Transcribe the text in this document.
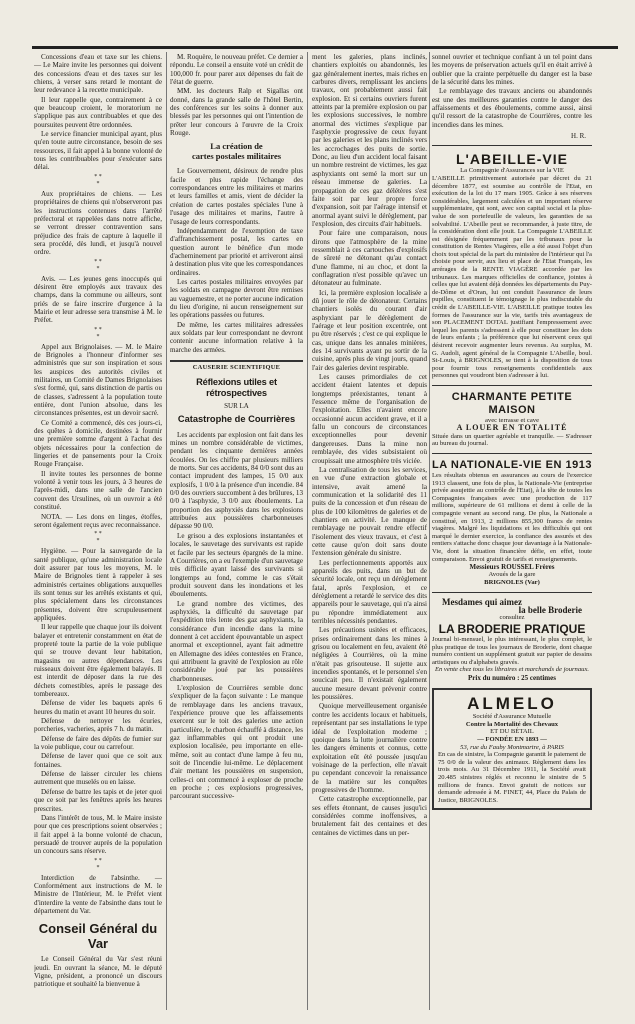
Concessions d'eau et taxe sur les chiens. — Le Maire invite les personnes qui doivent des concessions d'eau et des taxes sur les chiens, à verser sans retard le montant de leur redevance à la recette municipale.

Il leur rappelle que, contrairement à ce que beaucoup croient, le moratorium ne s'applique pas aux contribuables et que des poursuites peuvent être ordonnées.

Le service financier municipal ayant, plus qu'en toute autre circonstance, besoin de ses ressources, il fait appel à la bonne volonté de tous les contribuables pour s'exécuter sans délai.

* *
*

Aux propriétaires de chiens. — Les propriétaires de chiens qui n'observeront pas les instructions contenues dans l'arrêté préfectoral et rappelées dans notre affiche, se verront dresser contravention sans préjudice des frais de capture à laquelle il sera procédé, dès lundi, et jusqu'à nouvel ordre.

* *
*

Avis. — Les jeunes gens inoccupés qui désirent être employés aux travaux des champs, dans la commune ou ailleurs, sont priés de se faire inscrire d'urgence à la Mairie et leur adresse sera transmise à M. le Préfet.

* *
*

Appel aux Brignolaises. — M. le Maire de Brignoles a l'honneur d'informer ses administrés que sur son inspiration et sous les auspices des autorités civiles et militaires, un Comité de Dames Brignolaises s'est formé, qui, sans distinction de partis ou de classes, s'adressent à la population toute entière, dont l'union absolue, dans les circonstances présentes, est un devoir sacré.

Ce Comité a commencé, dès ces jours-ci, des quêtes à domicile, destinées à fournir une première somme d'argent à l'achat des objets nécessaires pour la confection de lingeries et de pansements pour la Croix Rouge Française.

Il invite toutes les personnes de bonne volonté à venir tous les jours, à 3 heures de l'après-midi, dans une salle de l'ancien couvent des Ursulines, où un ouvroir a été constitué.

NOTA. — Les dons en linges, étoffes, seront également reçus avec reconnaissance.

* *
*

Hygiène. — Pour la sauvegarde de la santé publique, qu'une administration locale doit assurer par tous les moyens, M. le Maire de Brignoles tient à rappeler à ses administrés certaines obligations auxquelles ils sont tenus sur les arrêtés existants et qui, plus spécialement dans les circonstances présentes, doivent être scrupuleusement appliquées.

Il leur rappelle que chaque jour ils doivent balayer et entretenir constamment en état de propreté toute la partie de la voie publique qui se trouve devant leur habitation, magasins ou autres dépendances. Les ruisseaux doivent être également balayés. Il est interdit de déposer dans la rue des déchets comestibles, après le passage des tombereaux.

Défense de vider les baquets après 6 heures du matin et avant 10 heures du soir.

Défense de nettoyer les écuries, porcheries, vacheries, après 7 h. du matin.

Défense de faire des dépôts de fumier sur la voie publique, cour ou carrefour.

Défense de laver quoi que ce soit aux fontaines.

Défense de laisser circuler les chiens autrement que muselés ou en laisse.

Défense de battre les tapis et de jeter quoi que ce soit par les fenêtres après les heures prescrites.

Dans l'intérêt de tous, M. le Maire insiste pour que ces prescriptions soient observées ; il fait appel à la bonne volonté de chacun, persuadé de trouver auprès de la population un concours sans réserve.

* *
*

Interdiction de l'absinthe. — Conformément aux instructions de M. le Ministre de l'Intérieur, M. le Préfet vient d'interdire la vente de l'absinthe dans tout le département du Var.

Conseil Général du Var

Le Conseil Général du Var s'est réuni jeudi. En ouvrant la séance, M. le député Vigne, président, a prononcé un discours patriotique et souhaité la bienvenue à

M. Roquère, le nouveau préfet. Ce dernier a répondu. Le conseil a ensuite voté un crédit de 100,000 fr. pour parer aux dépenses du fait de l'état de guerre.

MM. les docteurs Ralp et Sigallas ont donné, dans la grande salle de l'hôtel Bertin, des conférences sur les soins à donner aux blessés par les personnes qui ont l'intention de prêter leur concours à l'œuvre de la Croix Rouge.

La création de
cartes postales militaires

Le Gouvernement, désireux de rendre plus facile et plus rapide l'échange des correspondances entre les militaires et marins et leurs familles et amis, vient de décider la création de cartes postales spéciales l'une à l'usage des militaires et marins, l'autre à l'usage de leurs correspondants.

Indépendamment de l'exemption de taxe d'affranchissement postal, les cartes en question auront le bénéfice d'un mode d'acheminement par priorité et arriveront ainsi à destination plus vite que les correspondances ordinaires.

Les cartes postales militaires envoyées par les soldats en campagne devront être remises au vaguemestre, et ne porter aucune indication du lieu d'origine, ni aucun renseignement sur les opérations passées ou futures.

De même, les cartes militaires adressées aux soldats par leur correspondant ne devront contenir aucune information relative à la marche des armées.

CAUSERIE SCIENTIFIQUE
Réflexions utiles et rétrospectives
SUR LA
Catastrophe de Courrières

Les accidents par explosion ont fait dans les mines un nombre considérable de victimes, pendant les cinquante dernières années écoulées. On les chiffre par plusieurs milliers de morts. Sur ces accidents, 84 0/0 sont dus au contact imprudent des lampes, 15 0/0 aux explosifs, 1 0/0 à la présence d'un incendie. 84 0/0 des ouvriers succombent à des brûlures, 13 0/0 à l'asphyxie, 3 0/0 aux éboulements. La proportion des asphyxiés dans les explosions attribuées aux poussières charbonneuses dépasse 90 0/0.

Le grisou a des explosions instantanées et locales, le sauvetage des survivants est rapide et facile par les secteurs épargnés de la mine. A Courrières, on a eu l'exemple d'un sauvetage très difficile ayant laissé des survivants si longtemps au fond, comme le cas s'était produit souvent dans les inondations et les éboulements.

Le grand nombre des victimes, des asphyxiés, la difficulté du sauvetage par l'expédition très lente des gaz asphyxiants, la considérance d'un incendie dans la mine donnent à cet accident épouvantable un aspect anormal et exceptionnel, ayant fait admettre en Allemagne des idées contestées en France, qui attribuent la gravité de l'explosion au rôle considérable joué par les poussières charbonneuses.

L'explosion de Courrières semble donc s'expliquer de la façon suivante : Le manque de remblayage dans les anciens travaux, l'expérience prouve que les affaissements exercent sur le toit des galeries une action particulière, le charbon échauffé à distance, les gaz inflammables qui ont produit une explosion localisée, peu importante en elle-même, soit au contact d'une lampe à feu nu, soit de l'incendie lui-même. Le déplacement d'air mettant les poussières en suspension, celles-ci ont commencé à exploser de proche en proche ; ces explosions progressives, parcourant successive-

ment les galeries, plans inclinés, chantiers exploités ou abandonnés, les gaz généralement inertes, mais riches en carbures divers, remplissant les anciens travaux, ont probablement aussi fait explosion. Et si certains ouvriers furent atteints par la première explosion ou par les explosions successives, le nombre anormal des victimes s'explique par l'asphyxie progressive de ceux fuyant par les galeries et les plans inclinés vers les accrochages des puits de sortie. Donc, au lieu d'un accident local faisant un nombre restreint de victimes, les gaz asphyxiants ont semé la mort sur un réseau immense de galeries. La propagation de ces gaz délétères s'est faite soit par leur propre force d'expansion, soit par l'aérage intensif et anormal ayant suivi le dérèglement, par l'explosion, des circuits d'air habituels.

Pour faire une comparaison, nous dirons que l'atmosphère de la mine ressemblait à ces cartouches d'explosifs de sûreté ne détonant qu'au contact d'une flamme, ni au choc, et dont la conflagration n'est possible qu'avec un détonateur au fulminate.

Ici, la première explosion localisée a dû jouer le rôle de détonateur. Certains chantiers isolés du courant d'air asphyxiant par le dérèglement de l'aérage et leur position excentrée, ont pu être réservés ; c'est ce qui explique le cas, unique dans les annales minières, des 14 survivants ayant pu sortir de la cuisine, après plus de vingt jours, quand l'air des galeries devint respirable.

Les causes primordiales de cet accident étaient latentes et depuis longtemps préexistantes, tenant à l'essence même de l'organisation de l'exploitation. Elles n'avaient encore occasionné aucun accident grave, et il a fallu un concours de circonstances exceptionnelles pour devenir dangereuses. Dans la mine non remblayée, des vides subsistaient où croupissait une atmosphère très viciée.

La centralisation de tous les services, en vue d'une extraction globale et intensive, avait amené la communication et la solidarité des 11 puits de la concession et d'un réseau de plus de 100 kilomètres de galeries et de chantiers en activité. Le manque de remblayage ne pouvait rendre effectif l'isolement des vieux travaux, et c'est à cette cause qu'on doit sans doute l'extension générale du sinistre.

Les perfectionnements apportés aux appareils des puits, dans un but de sécurité locale, ont reçu un dérèglement fatal, après l'explosion, et ce dérèglement a retardé le service des dits appareils pour le sauvetage, qui n'a ainsi pu répondre immédiatement aux terribles nécessités pendantes.

Les précautions usitées et efficaces, prises ordinairement dans les mines à grisou ou localement en feu, avaient été négligées à Courrières, où la mine n'était pas grisouteuse. Il sujette aux incendies spontanés, et le personnel s'en soucicait peu. Il n'existait également aucune mesure devant prévenir contre les poussières.

Quoique merveilleusement organisée contre les accidents locaux et habituels, représentant par ses installations le type idéal de l'exploitation moderne ; quoique dans la lutte journalière contre les dangers éminents et connus, cette exploitation eût été poussée jusqu'au voisinage de la perfection, elle n'avait pu cependant concevoir la renaissance de la matière sur les conquêtes progressives de l'homme.

Cette catastrophe exceptionnelle, par ses effets étonnant, de causes jusqu'ici considérées comme inoffensives, a brutalement fait des centaines et des centaines de victimes dans un per-

sonnel ouvrier et technique confiant à un tel point dans les moyens de préservation actuels qu'il en était arrivé à oublier que la crainte perpétuelle du danger est la base de la sécurité dans les mines.

Le remblayage des travaux anciens ou abandonnés est une des meilleures garanties contre le danger des affaissements et des éboulements, comme aussi, ainsi qu'il ressort de la catastrophe de Courrières, contre les incendies dans les mines.

H. R.
L'ABEILLE-VIE
La Compagnie d'Assurances sur la VIE
L'ABEILLE primitivement autorisée par décret du 21 décembre 1877, est soumise au contrôle de l'Etat, en exécution de la loi du 17 mars 1905. Grâce à ses réserves considérables, largement calculées et un important réserve supplémentaire, qui sont, avec son capital social et la plus-value de son portefeuille de valeurs, les garanties de sa solvabilité. L'Abeille peut se recommander, à juste titre, de la considération dont elle jouit. La Compagnie L'ABEILLE est désignée fréquemment par les tribunaux pour la constitution de Rentes Viagères, elle a été aussi l'objet d'un choix tout spécial de la part du ministère de l'intérieur qui l'a choisie pour servir, aux lieu et place de l'Etat Français, les arrérages de la RENTE VIAGÈRE accordée par les tribunaux. Les marques officielles de confiance, jointes à celles que lui avaient déjà données les départements du Puy-de-Dôme et d'Oran, lui ont conduit l'assurance de leurs pupilles, constituent le témoignage le plus indiscutable du crédit de L'ABEILLE-VIE. L'ABEILLE pratique toutes les formes de l'assurance sur la vie, tarifs très avantageux de son PLACEMENT DOTAL justifiant l'empressement avec lequel les parents s'adressent à elle pour constituer les dots de leurs enfants ; la préférence que lui réservent ceux qui désirent recevoir augmenter leurs revenus. Au surplus, M. G. Audoli, agent général de la Compagnie L'Abeille, boul. St-Louis, à BRIGNOLES, se tient à la disposition de tous pour fournir tous renseignements confidentiels aux personnes qui voudront bien s'adresser à lui.
CHARMANTE PETITE MAISON
avec terrasse et cave
A LOUER EN TOTALITÉ
Située dans un quartier agréable et tranquille. — S'adresser au bureau du journal.
LA NATIONALE-VIE EN 1913
Les résultats obtenus en assurances au cours de l'exercice 1913 classent, une fois de plus, la Nationale-Vie (entreprise privée assujettie au contrôle de l'Etat), à la tête de toutes les Compagnies françaises avec une production de 117 millions, supérieure de 61 millions et demi à celle de la compagnie venant au second rang. De plus, la Nationale a constitué, en 1913, 2 millions 855,300 francs de rentes viagères. Malgré les liquidations et les difficultés qui ont marqué le dernier exercice, la confiance des assurés et des rentiers s'attache donc chaque jour davantage à la Nationale-Vie, dont la situation financière défie, en effet, toute comparaison. Envoi gratuit de tarifs et renseignements.
Messieurs ROUSSEL Frères
Avoués de la gare
BRIGNOLES (Var)
Mesdames qui aimez
la belle Broderie
consultez
LA BRODERIE PRATIQUE
Journal bi-mensuel, le plus intéressant, le plus complet, le plus pratique de tous les journaux de Broderie, dont chaque numéro contient un supplément gratuit sur papier de dessins artistiques ou d'alphabets gravés.
En vente chez tous les libraires et marchands de journaux.
Prix du numéro : 25 centimes
ALMELO
Société d'Assurance Mutuelle
Contre la Mortalité des Chevaux
ET DU BÉTAIL
— FONDÉE EN 1893 —
53, rue du Fauby Montmartre, à PARIS
En cas de sinistre, la Compagnie garantit le paiement de 75 0/0 de la valeur des animaux. Règlement dans les trois mois. Au 31 Décembre 1911, la Société avait 20.485 sinistres réglés et reconnu le sinistre de 5 millions de francs. Envoi gratuit de notices sur demande adressée à M. FINET, 44, Place du Palais de Justice, BRIGNOLES.
